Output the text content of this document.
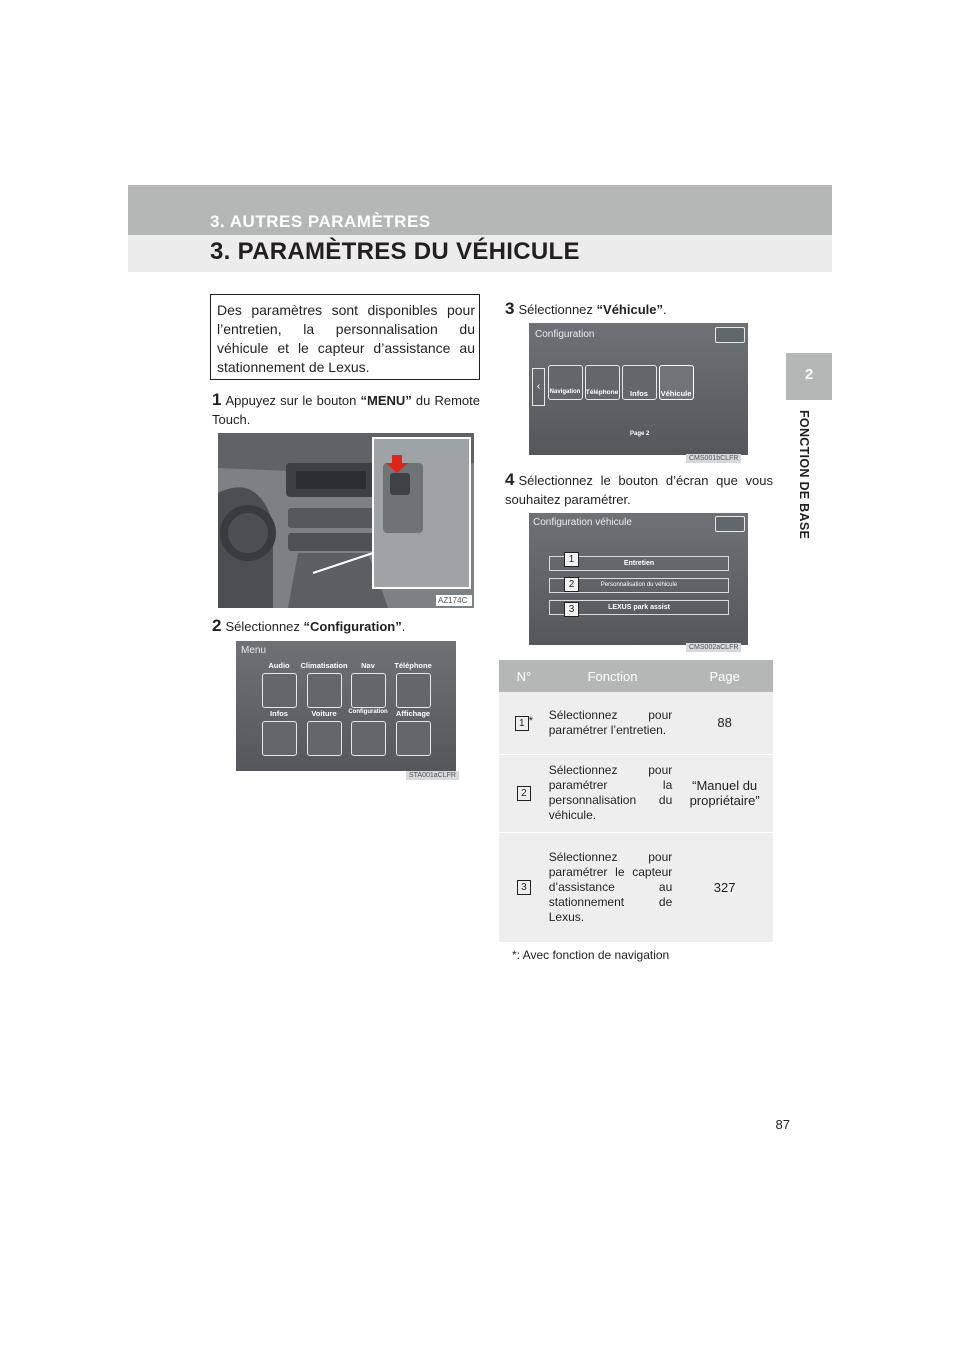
3. AUTRES PARAMÈTRES
3. PARAMÈTRES DU VÉHICULE
2
FONCTION DE BASE
Des paramètres sont disponibles pour l’entretien, la personnalisation du véhicule et le capteur d’assistance au stationnement de Lexus.
1 Appuyez sur le bouton “MENU” du Remote Touch.
AZ174C
2 Sélectionnez “Configuration”.
Menu
Audio	Climatisation	Nav	Téléphone
Infos	Voiture	Configuration	Affichage
STA001aCLFR
3 Sélectionnez “Véhicule”.
Configuration
‹	Navigation Téléphone	Infos	Véhicule
Page 2
CMS001bCLFR
4 Sélectionnez le bouton d’écran que vous souhaitez paramétrer.
Configuration véhicule
Entretien
Personnalisation du véhicule
LEXUS park assist
1
2
3
CMS002aCLFR
N°	Fonction	Page
1 *	Sélectionnez pour paramétrer l’entretien.	88
2	Sélectionnez pour paramétrer la personnalisation du véhicule.	“Manuel du propriétaire”
3	Sélectionnez pour paramétrer le capteur d’assistance au stationnement de Lexus.	327
*: Avec fonction de navigation
87
